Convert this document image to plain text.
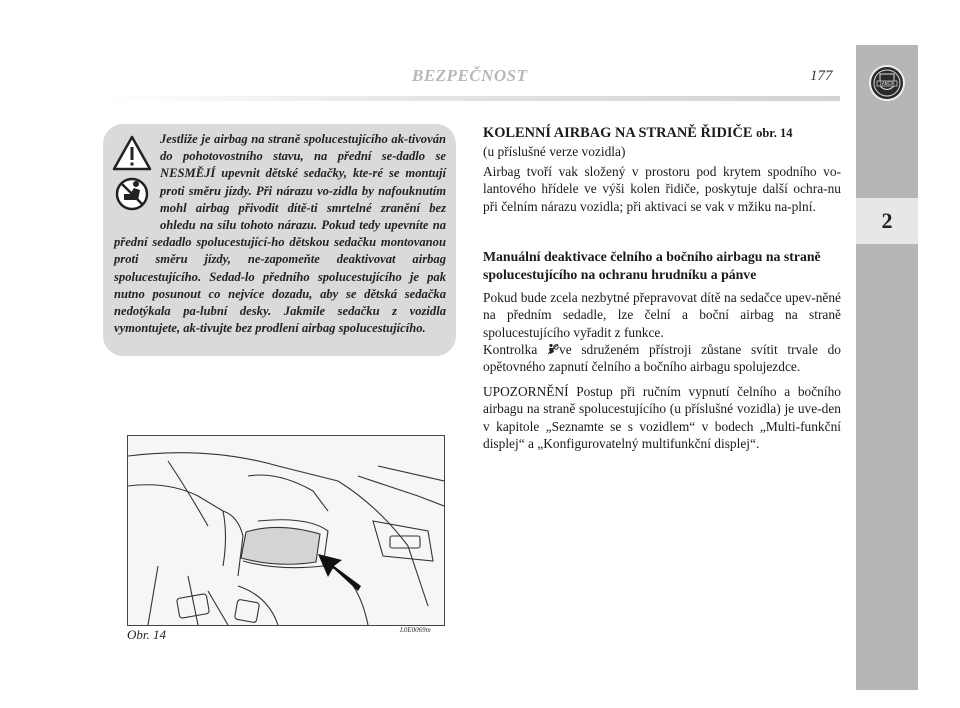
BEZPEČNOST	177	LANCIA
2
Jestliže je airbag na straně spolucestujícího ak-tivován do pohotovostního stavu, na přední se-dadlo se NESMĚJÍ upevnit dětské sedačky, kte-ré se montují proti směru jízdy. Při nárazu vo-zidla by nafouknutím mohl airbag přivodit dítě-ti smrtelné zranění bez ohledu na sílu tohoto nárazu. Pokud tedy upevníte na přední sedadlo spolucestující-ho dětskou sedačku montovanou proti směru jízdy, ne-zapomeňte deaktivovat airbag spolucestujícího. Sedad-lo předního spolucestujícího je pak nutno posunout co nejvíce dozadu, aby se dětská sedačka nedotýkala pa-lubní desky. Jakmile sedačku z vozidla vymontujete, ak-tivujte bez prodlení airbag spolucestujícího.
Obr. 14	L0E0069m
KOLENNÍ AIRBAG NA STRANĚ ŘIDIČE obr. 14
(u příslušné verze vozidla)
Airbag tvoří vak složený v prostoru pod krytem spodního vo-lantového hřídele ve výši kolen řidiče, poskytuje další ochra-nu při čelním nárazu vozidla; při aktivaci se vak v mžiku na-plní.
Manuální deaktivace čelního a bočního airbagu na straně spolucestujícího na ochranu hrudníku a pánve
Pokud bude zcela nezbytné přepravovat dítě na sedačce upev-něné na předním sedadle, lze čelní a boční airbag na straně spolucestujícího vyřadit z funkce.
Kontrolka ve sdruženém přístroji zůstane svítit trvale do opětovného zapnutí čelního a bočního airbagu spolujezdce.
UPOZORNĚNÍ Postup při ručním vypnutí čelního a bočního airbagu na straně spolucestujícího (u příslušné vozidla) je uve-den v kapitole „Seznamte se s vozidlem“ v bodech „Multi-funkční displej“ a „Konfigurovatelný multifunkční displej“.
